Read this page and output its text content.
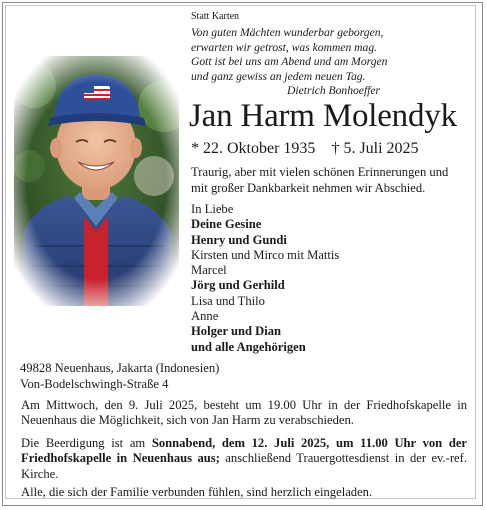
Statt Karten
Von guten Mächten wunderbar geborgen,
erwarten wir getrost, was kommen mag.
Gott ist bei uns am Abend und am Morgen
und ganz gewiss an jedem neuen Tag.
Dietrich Bonhoeffer
Jan Harm Molendyk
* 22. Oktober 1935 † 5. Juli 2025
Traurig, aber mit vielen schönen Erinnerungen und
mit großer Dankbarkeit nehmen wir Abschied.
In Liebe
Deine Gesine
Henry und Gundi
Kirsten und Mirco mit Mattis
Marcel
Jörg und Gerhild
Lisa und Thilo
Anne
Holger und Dian
und alle Angehörigen
49828 Neuenhaus, Jakarta (Indonesien)
Von-Bodelschwingh-Straße 4
Am Mittwoch, den 9. Juli 2025, besteht um 19.00 Uhr in der Friedhofskapelle in Neuenhaus die Möglichkeit, sich von Jan Harm zu verabschieden.
Die Beerdigung ist am Sonnabend, dem 12. Juli 2025, um 11.00 Uhr von der Friedhofskapelle in Neuenhaus aus; anschließend Trauergottesdienst in der ev.-ref. Kirche.
Alle, die sich der Familie verbunden fühlen, sind herzlich eingeladen.
